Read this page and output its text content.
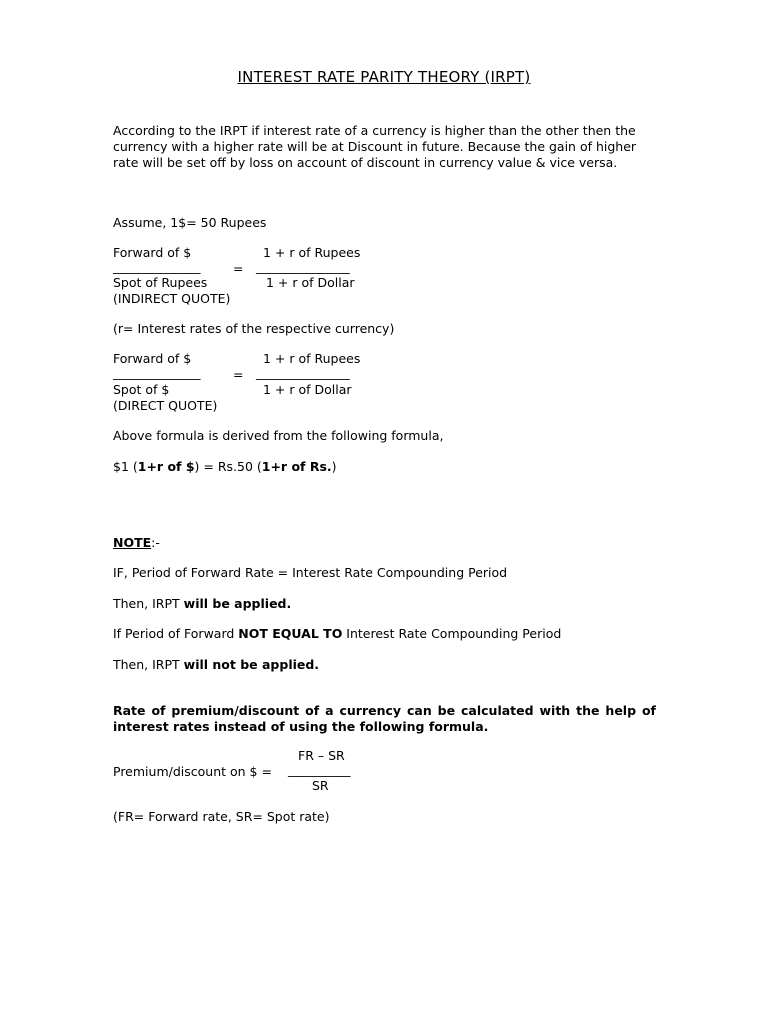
INTEREST RATE PARITY THEORY (IRPT)
According to the IRPT if interest rate of a currency is higher than the other then the
currency with a higher rate will be at Discount in future. Because the gain of higher
rate will be set off by loss on account of discount in currency value & vice versa.
Assume, 1$= 50 Rupees
Forward of $	1 + r of Rupees
______________	= _______________
Spot of Rupees	1 + r of Dollar
(INDIRECT QUOTE)
(r= Interest rates of the respective currency)
Forward of $	1 + r of Rupees
______________	= _______________
Spot of $	1 + r of Dollar
(DIRECT QUOTE)
Above formula is derived from the following formula,
$1 (1+r of $) = Rs.50 (1+r of Rs.)
NOTE:-
IF, Period of Forward Rate = Interest Rate Compounding Period
Then, IRPT will be applied.
If Period of Forward NOT EQUAL TO Interest Rate Compounding Period
Then, IRPT will not be applied.
Rate of premium/discount of a currency can be calculated with the help of
interest rates instead of using the following formula.
FR – SR
Premium/discount on $ = __________
SR
(FR= Forward rate, SR= Spot rate)
